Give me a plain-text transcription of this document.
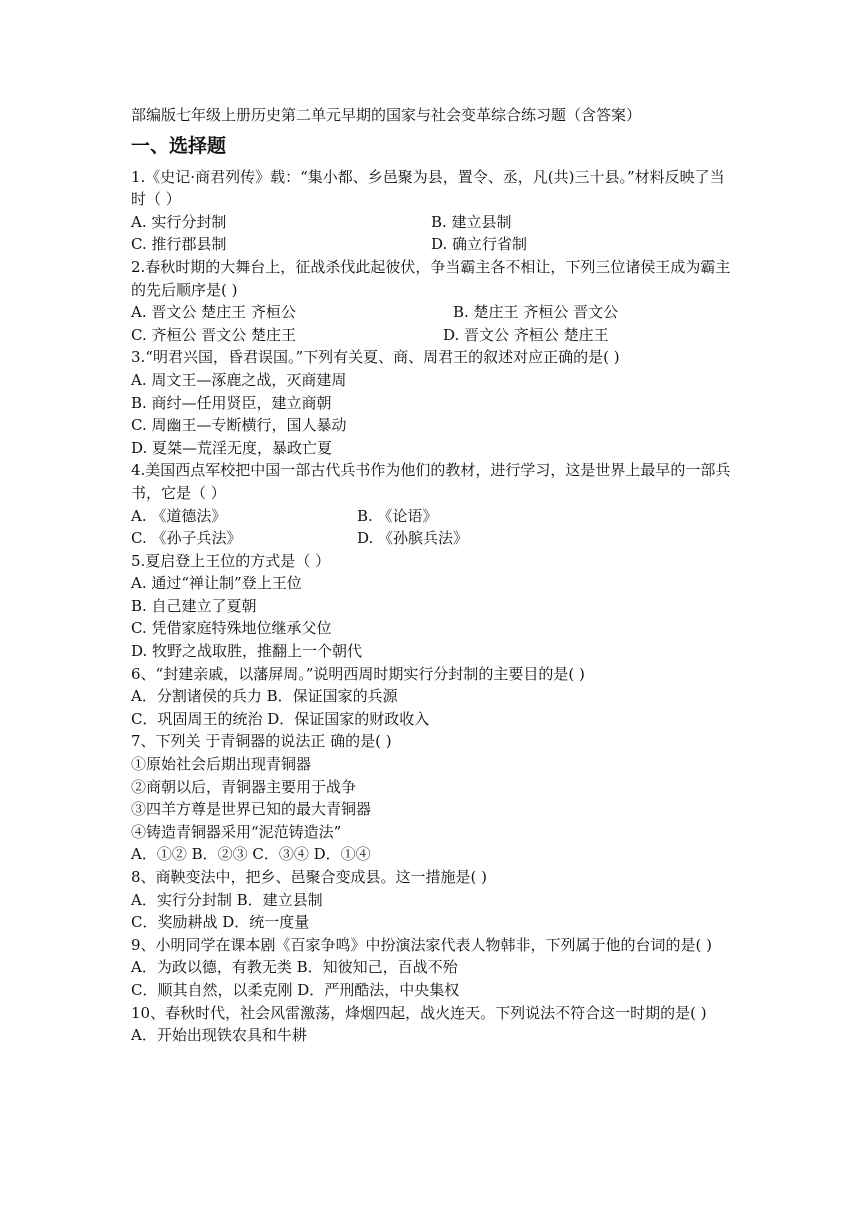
部编版七年级上册历史第二单元早期的国家与社会变革综合练习题（含答案）
一、选择题
1.《史记·商君列传》载：“集小都、乡邑聚为县，置令、丞，凡(共)三十县。”材料反映了当时（ ）
A. 实行分封制	B. 建立县制
C. 推行郡县制	D. 确立行省制
2.春秋时期的大舞台上，征战杀伐此起彼伏，争当霸主各不相让，下列三位诸侯王成为霸主的先后顺序是( )
A. 晋文公 楚庄王 齐桓公	B. 楚庄王 齐桓公 晋文公
C. 齐桓公 晋文公 楚庄王	D. 晋文公 齐桓公 楚庄王
3.“明君兴国，昏君误国。”下列有关夏、商、周君王的叙述对应正确的是( )
A. 周文王—涿鹿之战，灭商建周
B. 商纣—任用贤臣，建立商朝
C. 周幽王—专断横行，国人暴动
D. 夏桀—荒淫无度，暴政亡夏
4.美国西点军校把中国一部古代兵书作为他们的教材，进行学习，这是世界上最早的一部兵书，它是（ ）
A. 《道德法》	B. 《论语》
C. 《孙子兵法》	D. 《孙膑兵法》
5.夏启登上王位的方式是（ ）
A. 通过“禅让制”登上王位
B. 自己建立了夏朝
C. 凭借家庭特殊地位继承父位
D. 牧野之战取胜，推翻上一个朝代
6、“封建亲戚，以藩屏周。”说明西周时期实行分封制的主要目的是( )
A．分割诸侯的兵力 B．保证国家的兵源
C．巩固周王的统治 D．保证国家的财政收入
7、下列关 于青铜器的说法正 确的是( )
①原始社会后期出现青铜器
②商朝以后，青铜器主要用于战争
③四羊方尊是世界已知的最大青铜器
④铸造青铜器采用“泥范铸造法”
A．①② B．②③ C．③④ D．①④
8、商鞅变法中，把乡、邑聚合变成县。这一措施是( )
A．实行分封制 B．建立县制
C．奖励耕战 D．统一度量
9、小明同学在课本剧《百家争鸣》中扮演法家代表人物韩非，下列属于他的台词的是( )
A．为政以德，有教无类 B．知彼知己，百战不殆
C．顺其自然，以柔克刚 D．严刑酷法，中央集权
10、春秋时代，社会风雷激荡，烽烟四起，战火连天。下列说法不符合这一时期的是( )
A．开始出现铁农具和牛耕
